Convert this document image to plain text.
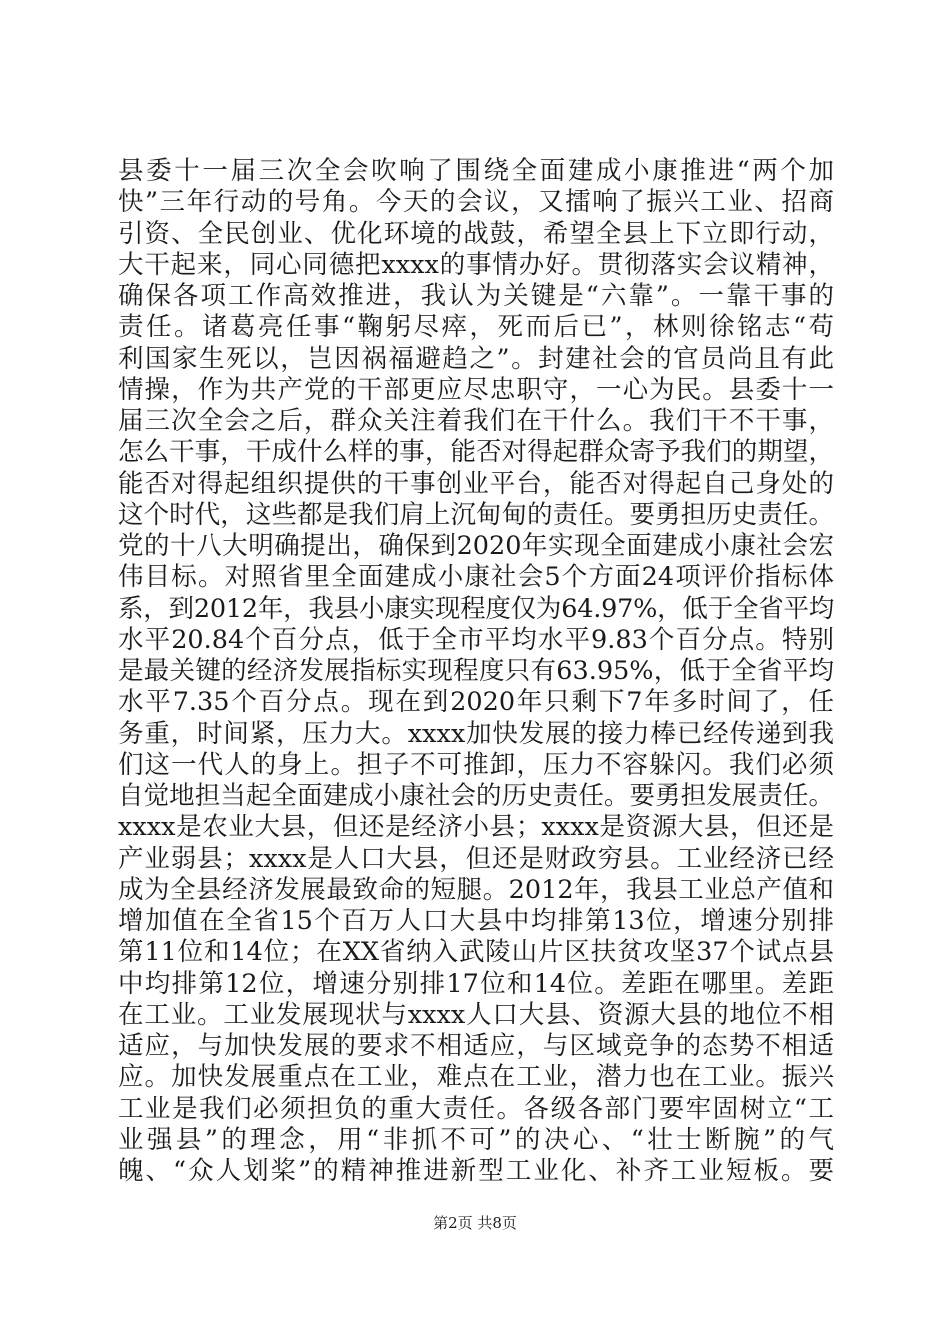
县委十一届三次全会吹响了围绕全面建成小康推进“两个加
快”三年行动的号角。今天的会议，又擂响了振兴工业、招商
引资、全民创业、优化环境的战鼓，希望全县上下立即行动，
大干起来，同心同德把xxxx的事情办好。贯彻落实会议精神，
确保各项工作高效推进，我认为关键是“六靠”。一靠干事的
责任。诸葛亮任事“鞠躬尽瘁，死而后已”，林则徐铭志“苟
利国家生死以，岂因祸福避趋之”。封建社会的官员尚且有此
情操，作为共产党的干部更应尽忠职守，一心为民。县委十一
届三次全会之后，群众关注着我们在干什么。我们干不干事，
怎么干事，干成什么样的事，能否对得起群众寄予我们的期望，
能否对得起组织提供的干事创业平台，能否对得起自己身处的
这个时代，这些都是我们肩上沉甸甸的责任。要勇担历史责任。
党的十八大明确提出，确保到2020年实现全面建成小康社会宏
伟目标。对照省里全面建成小康社会5个方面24项评价指标体
系，到2012年，我县小康实现程度仅为64.97%，低于全省平均
水平20.84个百分点，低于全市平均水平9.83个百分点。特别
是最关键的经济发展指标实现程度只有63.95%，低于全省平均
水平7.35个百分点。现在到2020年只剩下7年多时间了，任
务重，时间紧，压力大。xxxx加快发展的接力棒已经传递到我
们这一代人的身上。担子不可推卸，压力不容躲闪。我们必须
自觉地担当起全面建成小康社会的历史责任。要勇担发展责任。
xxxx是农业大县，但还是经济小县；xxxx是资源大县，但还是
产业弱县；xxxx是人口大县，但还是财政穷县。工业经济已经
成为全县经济发展最致命的短腿。2012年，我县工业总产值和
增加值在全省15个百万人口大县中均排第13位，增速分别排
第11位和14位；在XX省纳入武陵山片区扶贫攻坚37个试点县
中均排第12位，增速分别排17位和14位。差距在哪里。差距
在工业。工业发展现状与xxxx人口大县、资源大县的地位不相
适应，与加快发展的要求不相适应，与区域竞争的态势不相适
应。加快发展重点在工业，难点在工业，潜力也在工业。振兴
工业是我们必须担负的重大责任。各级各部门要牢固树立“工
业强县”的理念，用“非抓不可”的决心、“壮士断腕”的气
魄、“众人划桨”的精神推进新型工业化、补齐工业短板。要
第2页 共8页
